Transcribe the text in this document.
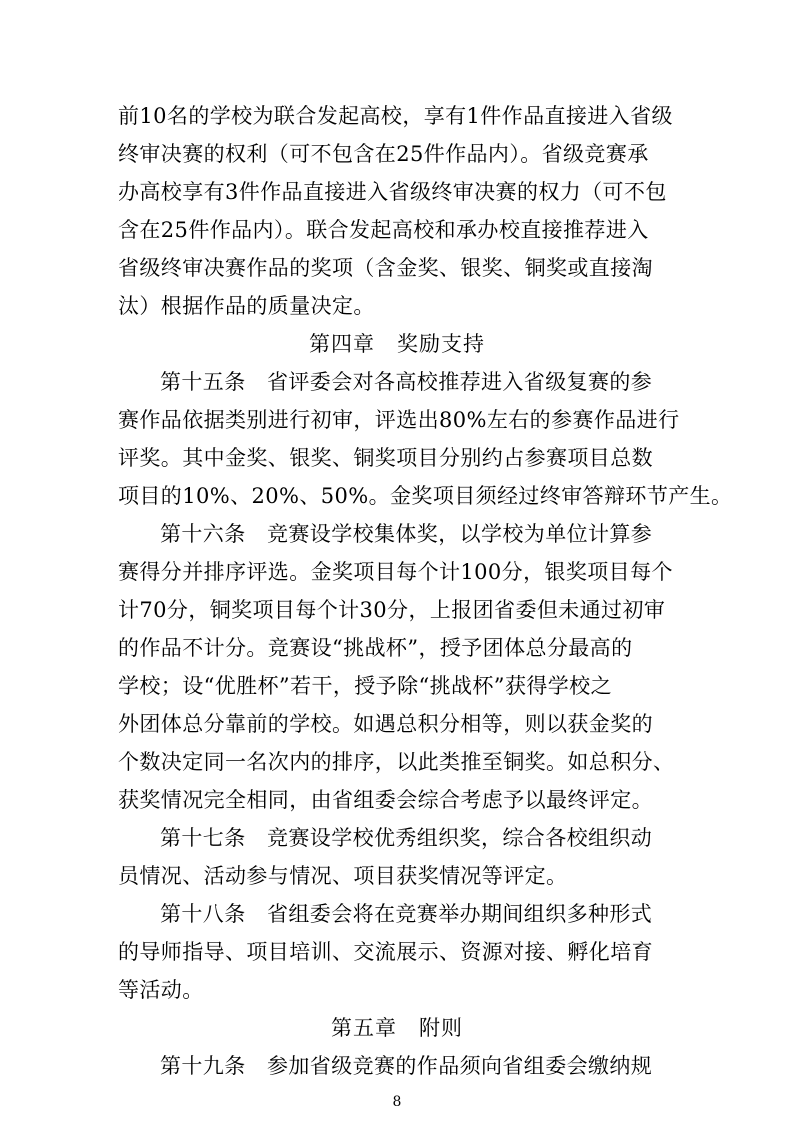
前10名的学校为联合发起高校，享有1件作品直接进入省级
终审决赛的权利（可不包含在25件作品内）。省级竞赛承
办高校享有3件作品直接进入省级终审决赛的权力（可不包
含在25件作品内）。联合发起高校和承办校直接推荐进入
省级终审决赛作品的奖项（含金奖、银奖、铜奖或直接淘
汰）根据作品的质量决定。
第四章　奖励支持
第十五条　省评委会对各高校推荐进入省级复赛的参
赛作品依据类别进行初审，评选出80%左右的参赛作品进行
评奖。其中金奖、银奖、铜奖项目分别约占参赛项目总数
项目的10%、20%、50%。金奖项目须经过终审答辩环节产生。
第十六条　竞赛设学校集体奖，以学校为单位计算参
赛得分并排序评选。金奖项目每个计100分，银奖项目每个
计70分，铜奖项目每个计30分，上报团省委但未通过初审
的作品不计分。竞赛设“挑战杯”，授予团体总分最高的
学校；设“优胜杯”若干，授予除“挑战杯”获得学校之
外团体总分靠前的学校。如遇总积分相等，则以获金奖的
个数决定同一名次内的排序，以此类推至铜奖。如总积分、
获奖情况完全相同，由省组委会综合考虑予以最终评定。
第十七条　竞赛设学校优秀组织奖，综合各校组织动
员情况、活动参与情况、项目获奖情况等评定。
第十八条　省组委会将在竞赛举办期间组织多种形式
的导师指导、项目培训、交流展示、资源对接、孵化培育
等活动。
第五章　附则
第十九条　参加省级竞赛的作品须向省组委会缴纳规
8
